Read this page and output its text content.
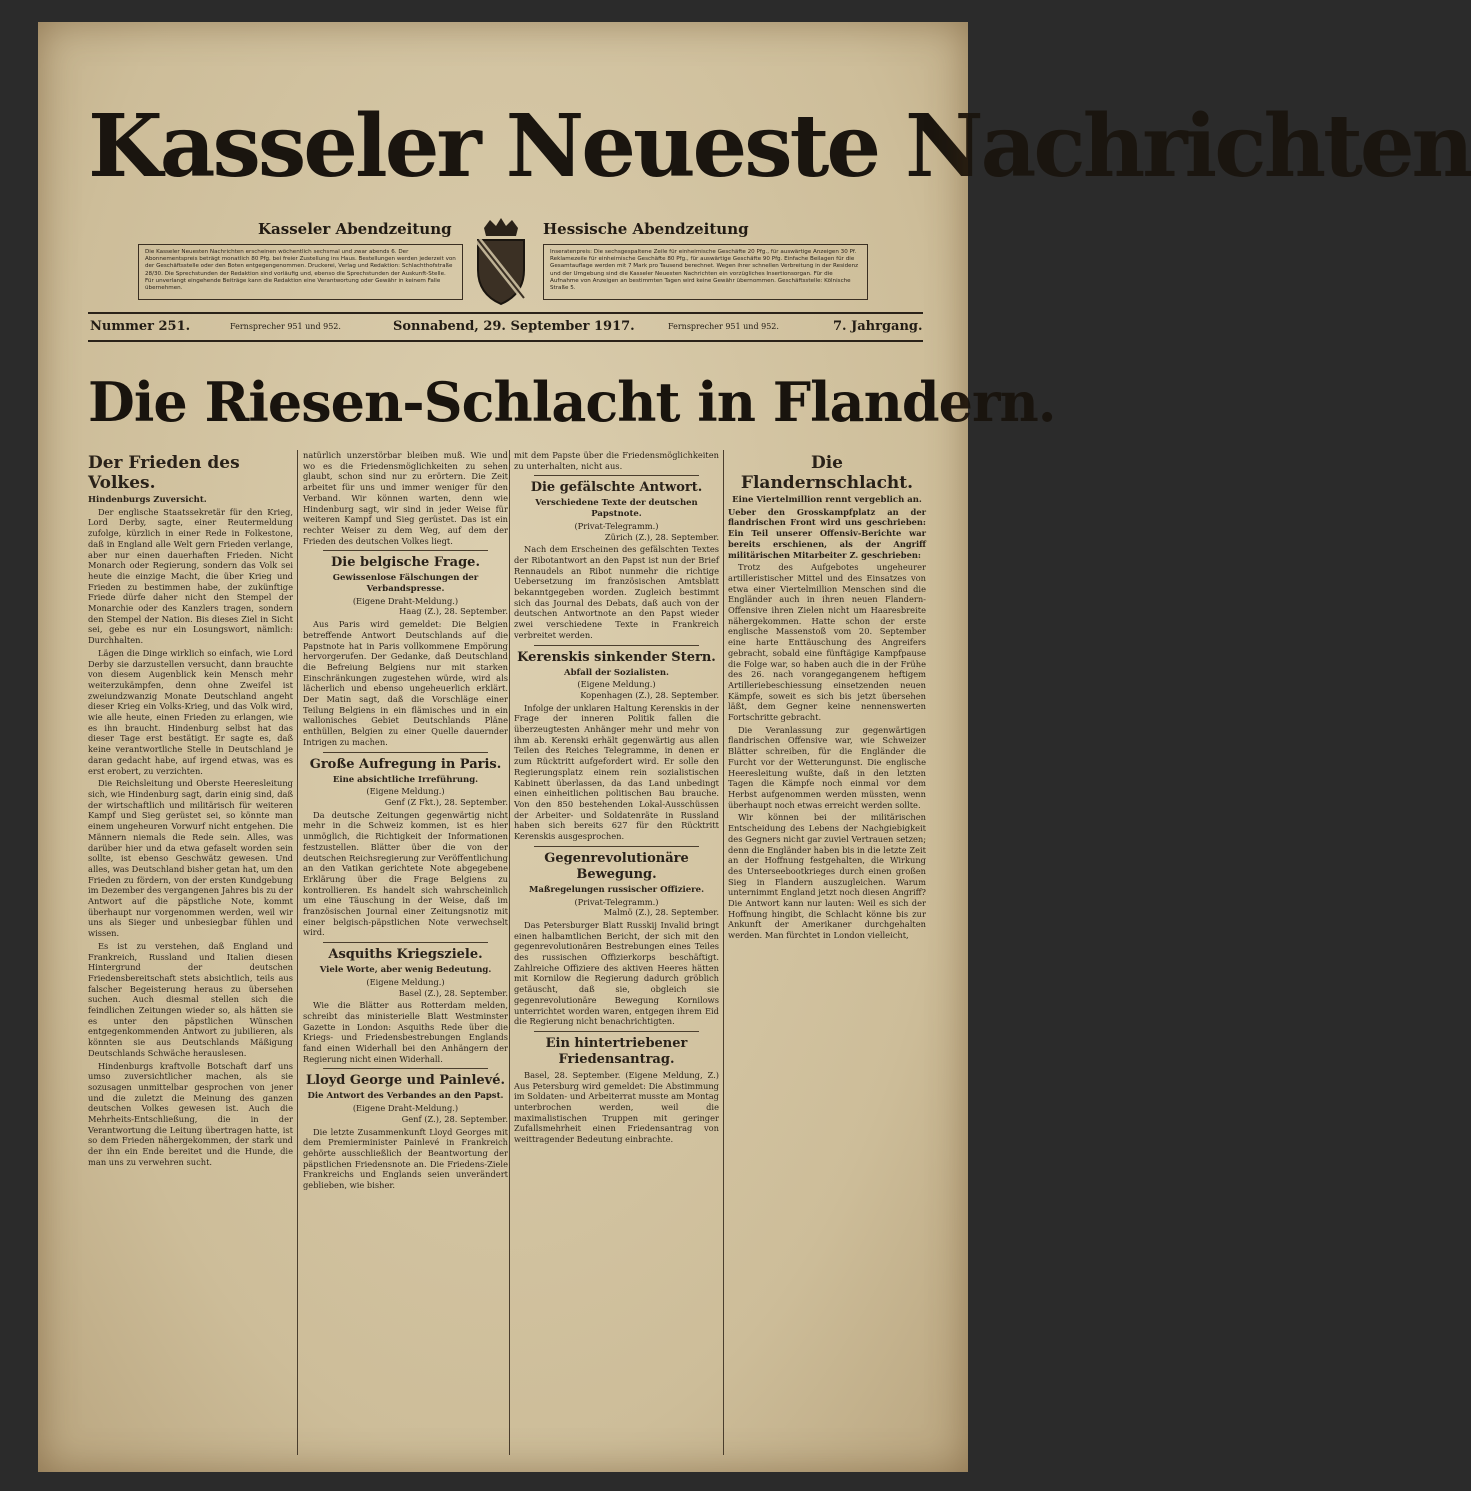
Kasseler Neueste Nachrichten
Kasseler Abendzeitung	Hessische Abendzeitung
Die Kasseler Neuesten Nachrichten erscheinen wöchentlich sechsmal und zwar abends 6. Der Abonnementspreis beträgt monatlich 80 Pfg. bei freier Zustellung ins Haus. Bestellungen werden jederzeit von der Geschäftsstelle oder den Boten entgegengenommen. Druckerei, Verlag und Redaktion: Schlachthofstraße 28/30. Die Sprechstunden der Redaktion sind vorläufig und, ebenso die Sprechstunden der Auskunft-Stelle. Für unverlangt eingehende Beiträge kann die Redaktion eine Verantwortung oder Gewähr in keinem Falle übernehmen.
Inseratenpreis: Die sechsgespaltene Zeile für einheimische Geschäfte 20 Pfg., für auswärtige Anzeigen 30 Pf. Reklamezeile für einheimische Geschäfte 80 Pfg., für auswärtige Geschäfte 90 Pfg. Einfache Beilagen für die Gesamtauflage werden mit 7 Mark pro Tausend berechnet. Wegen ihrer schnellen Verbreitung in der Residenz und der Umgebung sind die Kasseler Neuesten Nachrichten ein vorzügliches Insertionsorgan. Für die Aufnahme von Anzeigen an bestimmten Tagen wird keine Gewähr übernommen. Geschäftsstelle: Kölnische Straße 5.
Nummer 251.	Fernsprecher 951 und 952.	Sonnabend, 29. September 1917.	Fernsprecher 951 und 952.	7. Jahrgang.
Die Riesen-Schlacht in Flandern.
Der Frieden des Volkes.
Hindenburgs Zuversicht.

Der englische Staatssekretär für den Krieg, Lord Derby, sagte, einer Reutermeldung zufolge, kürzlich in einer Rede in Folkestone, daß in England alle Welt gern Frieden verlange, aber nur einen dauerhaften Frieden. Nicht Monarch oder Regierung, sondern das Volk sei heute die einzige Macht, die über Krieg und Frieden zu bestimmen habe, der zukünftige Friede dürfe daher nicht den Stempel der Monarchie oder des Kanzlers tragen, sondern den Stempel der Nation. Bis dieses Ziel in Sicht sei, gebe es nur ein Losungswort, nämlich: Durchhalten.

Lägen die Dinge wirklich so einfach, wie Lord Derby sie darzustellen versucht, dann brauchte von diesem Augenblick kein Mensch mehr weiterzukämpfen, denn ohne Zweifel ist zweiundzwanzig Monate Deutschland angeht dieser Krieg ein Volks-Krieg, und das Volk wird, wie alle heute, einen Frieden zu erlangen, wie es ihn braucht. Hindenburg selbst hat das dieser Tage erst bestätigt. Er sagte es, daß keine verantwortliche Stelle in Deutschland je daran gedacht habe, auf irgend etwas, was es erst erobert, zu verzichten.

Die Reichsleitung und Oberste Heeresleitung sich, wie Hindenburg sagt, darin einig sind, daß der wirtschaftlich und militärisch für weiteren Kampf und Sieg gerüstet sei, so könnte man einem ungeheuren Vorwurf nicht entgehen. Die Männern niemals die Rede sein. Alles, was darüber hier und da etwa gefaselt worden sein sollte, ist ebenso Geschwätz gewesen. Und alles, was Deutschland bisher getan hat, um den Frieden zu fördern, von der ersten Kundgebung im Dezember des vergangenen Jahres bis zu der Antwort auf die päpstliche Note, kommt überhaupt nur vorgenommen werden, weil wir uns als Sieger und unbesiegbar fühlen und wissen.

Es ist zu verstehen, daß England und Frankreich, Russland und Italien diesen Hintergrund der deutschen Friedensbereitschaft stets absichtlich, teils aus falscher Begeisterung heraus zu übersehen suchen. Auch diesmal stellen sich die feindlichen Zeitungen wieder so, als hätten sie es unter den päpstlichen Wünschen entgegenkommenden Antwort zu jubilieren, als könnten sie aus Deutschlands Mäßigung Deutschlands Schwäche herauslesen.

Hindenburgs kraftvolle Botschaft darf uns umso zuversichtlicher machen, als sie sozusagen unmittelbar gesprochen von jener und die zuletzt die Meinung des ganzen deutschen Volkes gewesen ist. Auch die Mehrheits-Entschließung, die in der Verantwortung die Leitung übertragen hatte, ist so dem Frieden nähergekommen, der stark und der ihn ein Ende bereitet und die Hunde, die man uns zu verwehren sucht.

natürlich unzerstörbar bleiben muß. Wie und wo es die Friedensmöglichkeiten zu sehen glaubt, schon sind nur zu erörtern. Die Zeit arbeitet für uns und immer weniger für den Verband. Wir können warten, denn wie Hindenburg sagt, wir sind in jeder Weise für weiteren Kampf und Sieg gerüstet. Das ist ein rechter Weiser zu dem Weg, auf dem der Frieden des deutschen Volkes liegt.

Die belgische Frage.
Gewissenlose Fälschungen der Verbandspresse.
(Eigene Draht-Meldung.)
Haag (Z.), 28. September.

Aus Paris wird gemeldet: Die Belgien betreffende Antwort Deutschlands auf die Papstnote hat in Paris vollkommene Empörung hervorgerufen. Der Gedanke, daß Deutschland die Befreiung Belgiens nur mit starken Einschränkungen zugestehen würde, wird als lächerlich und ebenso ungeheuerlich erklärt. Der Matin sagt, daß die Vorschläge einer Teilung Belgiens in ein flämisches und in ein wallonisches Gebiet Deutschlands Pläne enthüllen, Belgien zu einer Quelle dauernder Intrigen zu machen.

Große Aufregung in Paris.
Eine absichtliche Irreführung.
(Eigene Meldung.)
Genf (Z Fkt.), 28. September.

Da deutsche Zeitungen gegenwärtig nicht mehr in die Schweiz kommen, ist es hier unmöglich, die Richtigkeit der Informationen festzustellen. Blätter über die von der deutschen Reichsregierung zur Veröffentlichung an den Vatikan gerichtete Note abgegebene Erklärung über die Frage Belgiens zu kontrollieren. Es handelt sich wahrscheinlich um eine Täuschung in der Weise, daß im französischen Journal einer Zeitungsnotiz mit einer belgisch-päpstlichen Note verwechselt wird.

Asquiths Kriegsziele.
Viele Worte, aber wenig Bedeutung.
(Eigene Meldung.)
Basel (Z.), 28. September.

Wie die Blätter aus Rotterdam melden, schreibt das ministerielle Blatt Westminster Gazette in London: Asquiths Rede über die Kriegs- und Friedensbestrebungen Englands fand einen Widerhall bei den Anhängern der Regierung nicht einen Widerhall.

Lloyd George und Painlevé.
Die Antwort des Verbandes an den Papst.
(Eigene Draht-Meldung.)
Genf (Z.), 28. September.

Die letzte Zusammenkunft Lloyd Georges mit dem Premierminister Painlevé in Frankreich gehörte ausschließlich der Beantwortung der päpstlichen Friedensnote an. Die Friedens-Ziele Frankreichs und Englands seien unverändert geblieben, wie bisher.

mit dem Papste über die Friedensmöglichkeiten zu unterhalten, nicht aus.

Die gefälschte Antwort.
Verschiedene Texte der deutschen Papstnote.
(Privat-Telegramm.)
Zürich (Z.), 28. September.

Nach dem Erscheinen des gefälschten Textes der Ribotantwort an den Papst ist nun der Brief Rennaudels an Ribot nunmehr die richtige Uebersetzung im französischen Amtsblatt bekanntgegeben worden. Zugleich bestimmt sich das Journal des Debats, daß auch von der deutschen Antwortnote an den Papst wieder zwei verschiedene Texte in Frankreich verbreitet werden.

Kerenskis sinkender Stern.
Abfall der Sozialisten.
(Eigene Meldung.)
Kopenhagen (Z.), 28. September.

Infolge der unklaren Haltung Kerenskis in der Frage der inneren Politik fallen die überzeugtesten Anhänger mehr und mehr von ihm ab. Kerenski erhält gegenwärtig aus allen Teilen des Reiches Telegramme, in denen er zum Rücktritt aufgefordert wird. Er solle den Regierungsplatz einem rein sozialistischen Kabinett überlassen, da das Land unbedingt einen einheitlichen politischen Bau brauche. Von den 850 bestehenden Lokal-Ausschüssen der Arbeiter- und Soldatenräte in Russland haben sich bereits 627 für den Rücktritt Kerenskis ausgesprochen.

Gegenrevolutionäre Bewegung.
Maßregelungen russischer Offiziere.
(Privat-Telegramm.)
Malmö (Z.), 28. September.

Das Petersburger Blatt Russkij Invalid bringt einen halbamtlichen Bericht, der sich mit den gegenrevolutionären Bestrebungen eines Teiles des russischen Offizierkorps beschäftigt. Zahlreiche Offiziere des aktiven Heeres hätten mit Kornilow die Regierung dadurch gröblich getäuscht, daß sie, obgleich sie gegenrevolutionäre Bewegung Kornilows unterrichtet worden waren, entgegen ihrem Eid die Regierung nicht benachrichtigten.

Ein hintertriebener Friedensantrag.

Basel, 28. September. (Eigene Meldung, Z.) Aus Petersburg wird gemeldet: Die Abstimmung im Soldaten- und Arbeiterrat musste am Montag unterbrochen werden, weil die maximalistischen Truppen mit geringer Zufallsmehrheit einen Friedensantrag von weittragender Bedeutung einbrachte.

Die Flandernschlacht.
Eine Viertelmillion rennt vergeblich an.

Ueber den Grosskampfplatz an der flandrischen Front wird uns geschrieben: Ein Teil unserer Offensiv-Berichte war bereits erschienen, als der Angriff militärischen Mitarbeiter Z. geschrieben:

Trotz des Aufgebotes ungeheurer artilleristischer Mittel und des Einsatzes von etwa einer Viertelmillion Menschen sind die Engländer auch in ihren neuen Flandern-Offensive ihren Zielen nicht um Haaresbreite nähergekommen. Hatte schon der erste englische Massenstoß vom 20. September eine harte Enttäuschung des Angreifers gebracht, sobald eine fünftägige Kampfpause die Folge war, so haben auch die in der Frühe des 26. nach vorangegangenem heftigem Artilleriebeschiessung einsetzenden neuen Kämpfe, soweit es sich bis jetzt übersehen läßt, dem Gegner keine nennenswerten Fortschritte gebracht.

Die Veranlassung zur gegenwärtigen flandrischen Offensive war, wie Schweizer Blätter schreiben, für die Engländer die Furcht vor der Wetterungunst. Die englische Heeresleitung wußte, daß in den letzten Tagen die Kämpfe noch einmal vor dem Herbst aufgenommen werden müssten, wenn überhaupt noch etwas erreicht werden sollte.

Wir können bei der militärischen Entscheidung des Lebens der Nachgiebigkeit des Gegners nicht gar zuviel Vertrauen setzen; denn die Engländer haben bis in die letzte Zeit an der Hoffnung festgehalten, die Wirkung des Unterseebootkrieges durch einen großen Sieg in Flandern auszugleichen. Warum unternimmt England jetzt noch diesen Angriff? Die Antwort kann nur lauten: Weil es sich der Hoffnung hingibt, die Schlacht könne bis zur Ankunft der Amerikaner durchgehalten werden. Man fürchtet in London vielleicht,
